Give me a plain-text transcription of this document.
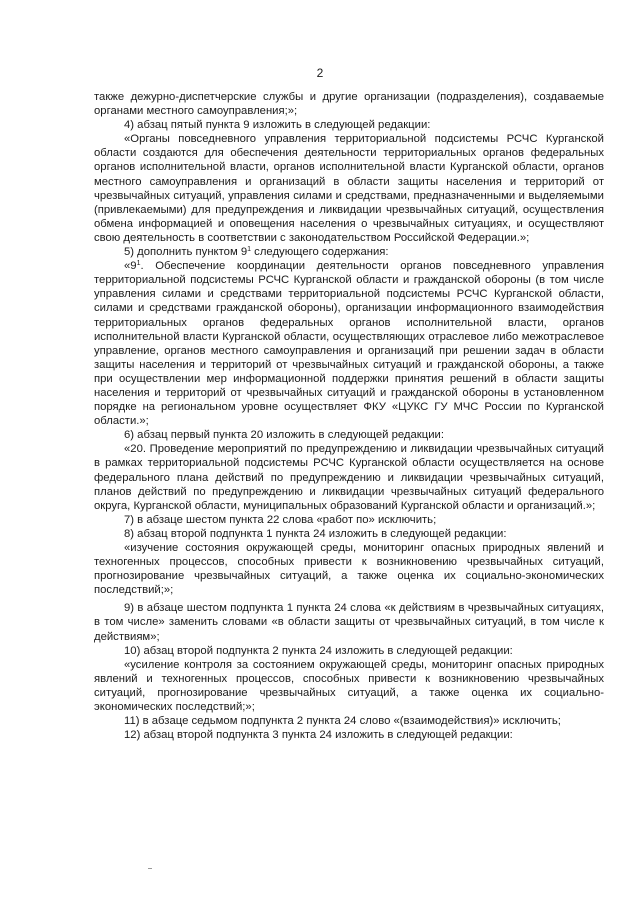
2

также дежурно-диспетчерские службы и другие организации (подразделения), создаваемые органами местного самоуправления;»;

4) абзац пятый пункта 9 изложить в следующей редакции:

«Органы повседневного управления территориальной подсистемы РСЧС Курганской области создаются для обеспечения деятельности территориальных органов федеральных органов исполнительной власти, органов исполнительной власти Курганской области, органов местного самоуправления и организаций в области защиты населения и территорий от чрезвычайных ситуаций, управления силами и средствами, предназначенными и выделяемыми (привлекаемыми) для предупреждения и ликвидации чрезвычайных ситуаций, осуществления обмена информацией и оповещения населения о чрезвычайных ситуациях, и осуществляют свою деятельность в соответствии с законодательством Российской Федерации.»;

5) дополнить пунктом $9^1$ следующего содержания:

«$9^1$. Обеспечение координации деятельности органов повседневного управления территориальной подсистемы РСЧС Курганской области и гражданской обороны (в том числе управления силами и средствами территориальной подсистемы РСЧС Курганской области, силами и средствами гражданской обороны), организации информационного взаимодействия территориальных органов федеральных органов исполнительной власти, органов исполнительной власти Курганской области, осуществляющих отраслевое либо межотраслевое управление, органов местного самоуправления и организаций при решении задач в области защиты населения и территорий от чрезвычайных ситуаций и гражданской обороны, а также при осуществлении мер информационной поддержки принятия решений в области защиты населения и территорий от чрезвычайных ситуаций и гражданской обороны в установленном порядке на региональном уровне осуществляет ФКУ «ЦУКС ГУ МЧС России по Курганской области.»;

6) абзац первый пункта 20 изложить в следующей редакции:

«20. Проведение мероприятий по предупреждению и ликвидации чрезвычайных ситуаций в рамках территориальной подсистемы РСЧС Курганской области осуществляется на основе федерального плана действий по предупреждению и ликвидации чрезвычайных ситуаций, планов действий по предупреждению и ликвидации чрезвычайных ситуаций федерального округа, Курганской области, муниципальных образований Курганской области и организаций.»;

7) в абзаце шестом пункта 22 слова «работ по» исключить;

8) абзац второй подпункта 1 пункта 24 изложить в следующей редакции:

«изучение состояния окружающей среды, мониторинг опасных природных явлений и техногенных процессов, способных привести к возникновению чрезвычайных ситуаций, прогнозирование чрезвычайных ситуаций, а также оценка их социально-экономических последствий;»;

9) в абзаце шестом подпункта 1 пункта 24 слова «к действиям в чрезвычайных ситуациях, в том числе» заменить словами «в области защиты от чрезвычайных ситуаций, в том числе к действиям»;

10) абзац второй подпункта 2 пункта 24 изложить в следующей редакции:

«усиление контроля за состоянием окружающей среды, мониторинг опасных природных явлений и техногенных процессов, способных привести к возникновению чрезвычайных ситуаций, прогнозирование чрезвычайных ситуаций, а также оценка их социально-экономических последствий;»;

11) в абзаце седьмом подпункта 2 пункта 24 слово «(взаимодействия)» исключить;

12) абзац второй подпункта 3 пункта 24 изложить в следующей редакции:
